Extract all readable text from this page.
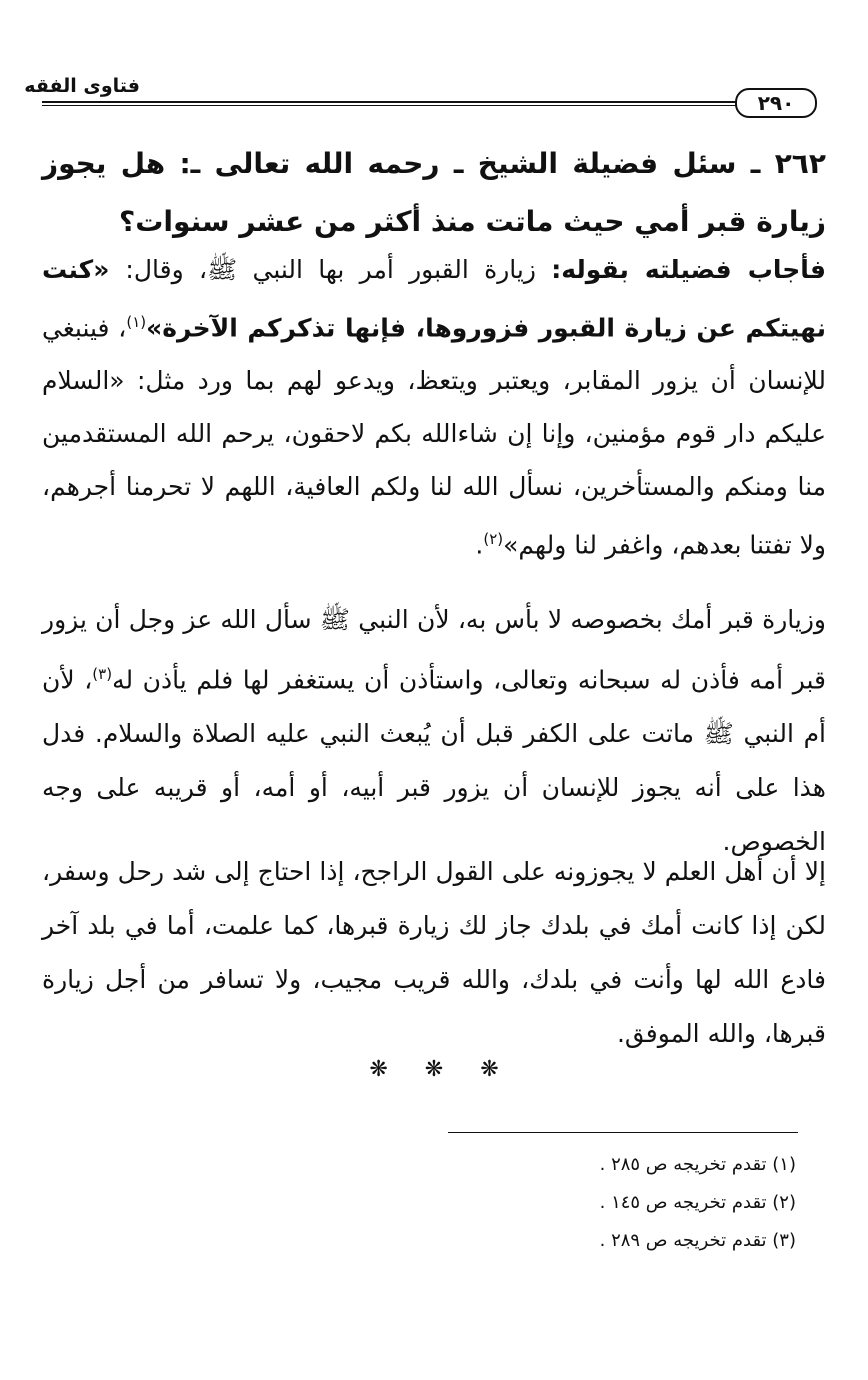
فتاوى الفقه
٢٩٠
٢٦٢ ـ سئل فضيلة الشيخ ـ رحمه الله تعالى ـ: هل يجوز زيارة قبر أمي حيث ماتت منذ أكثر من عشر سنوات؟
فأجاب فضيلته بقوله: زيارة القبور أمر بها النبي ﷺ، وقال: «كنت نهيتكم عن زيارة القبور فزوروها، فإنها تذكركم الآخرة»$^{(١)}$، فينبغي للإنسان أن يزور المقابر، ويعتبر ويتعظ، ويدعو لهم بما ورد مثل: «السلام عليكم دار قوم مؤمنين، وإنا إن شاءالله بكم لاحقون، يرحم الله المستقدمين منا ومنكم والمستأخرين، نسأل الله لنا ولكم العافية، اللهم لا تحرمنا أجرهم، ولا تفتنا بعدهم، واغفر لنا ولهم»$^{(٢)}$.
وزيارة قبر أمك بخصوصه لا بأس به، لأن النبي ﷺ سأل الله عز وجل أن يزور قبر أمه فأذن له سبحانه وتعالى، واستأذن أن يستغفر لها فلم يأذن له$^{(٣)}$، لأن أم النبي ﷺ ماتت على الكفر قبل أن يُبعث النبي عليه الصلاة والسلام. فدل هذا على أنه يجوز للإنسان أن يزور قبر أبيه، أو أمه، أو قريبه على وجه الخصوص.
إلا أن أهل العلم لا يجوزونه على القول الراجح، إذا احتاج إلى شد رحل وسفر، لكن إذا كانت أمك في بلدك جاز لك زيارة قبرها، كما علمت، أما في بلد آخر فادع الله لها وأنت في بلدك، والله قريب مجيب، ولا تسافر من أجل زيارة قبرها، والله الموفق.
❋ ❋ ❋
(١) تقدم تخريجه ص ٢٨٥ .
(٢) تقدم تخريجه ص ١٤٥ .
(٣) تقدم تخريجه ص ٢٨٩ .
